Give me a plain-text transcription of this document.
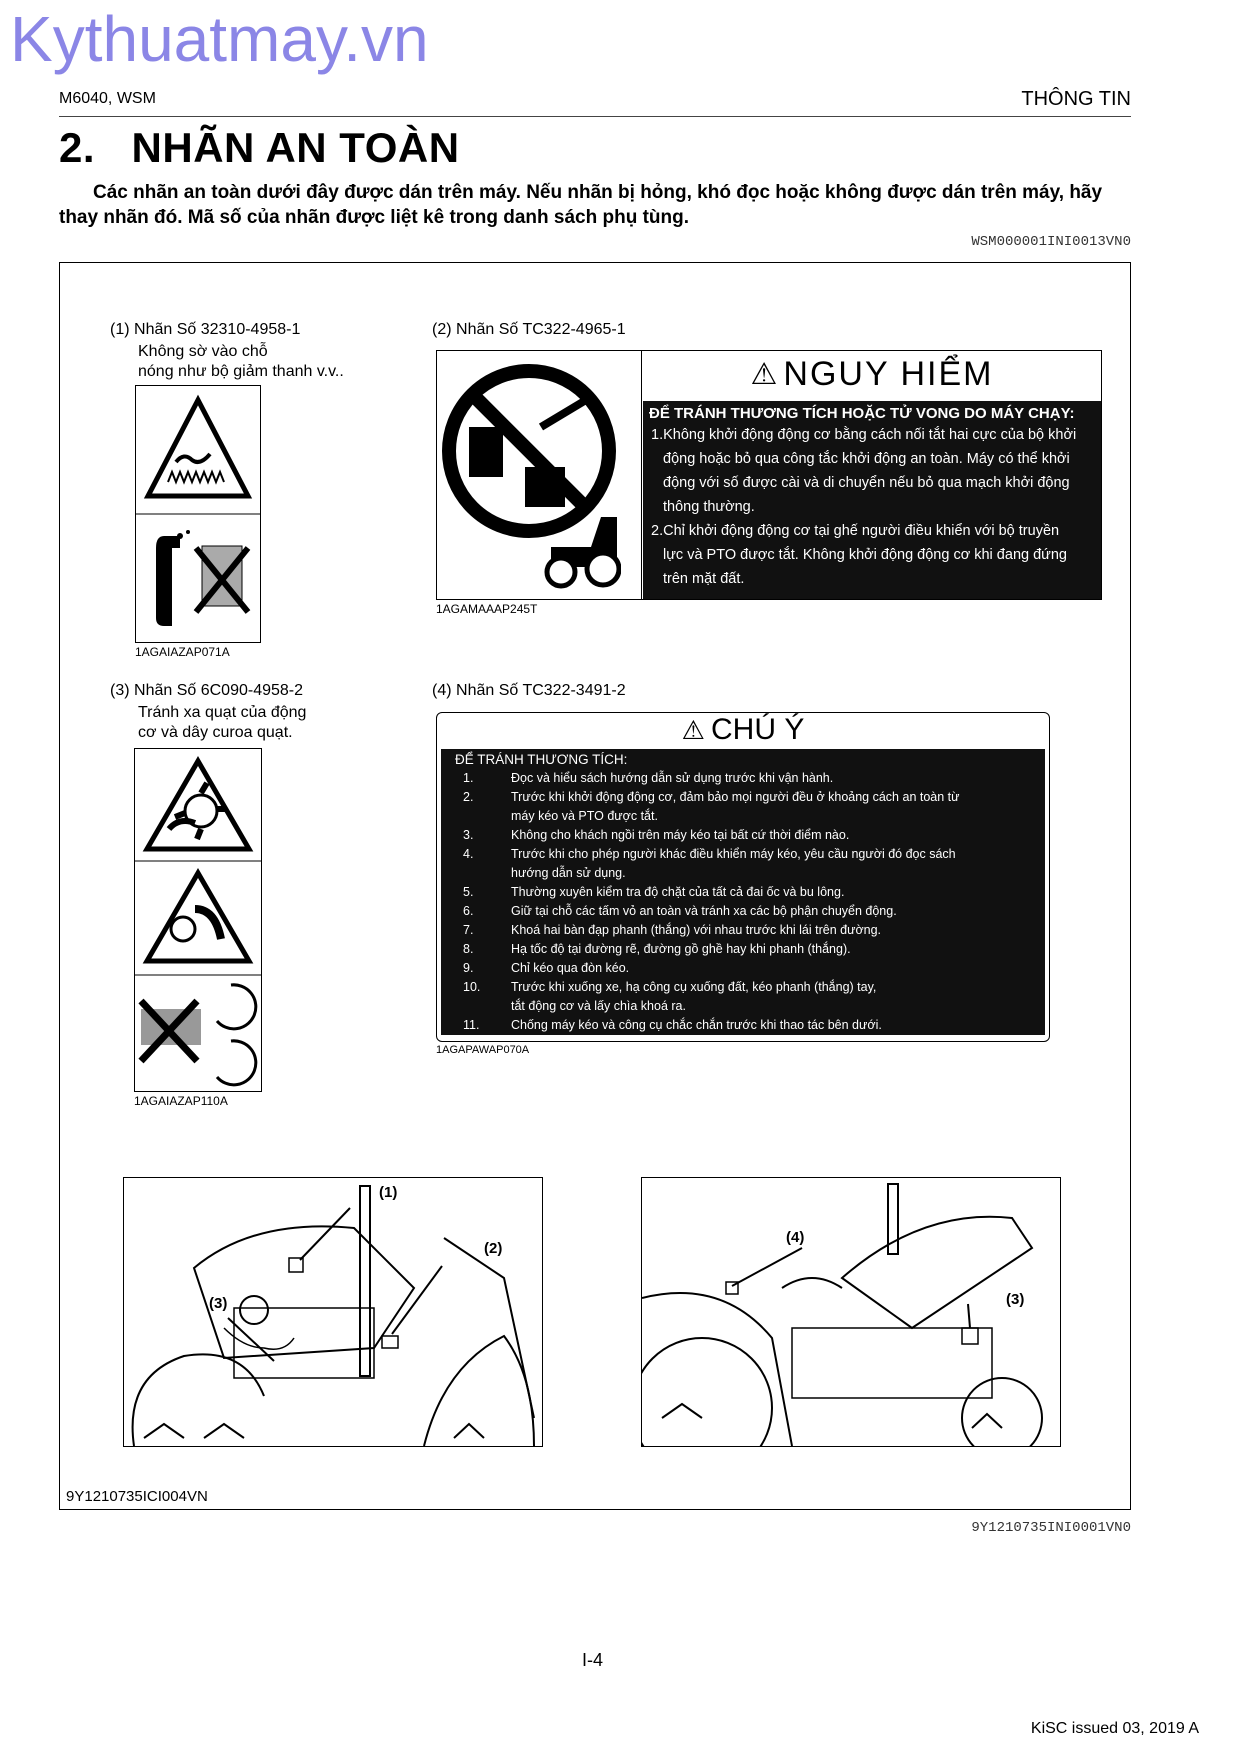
Kythuatmay.vn
M6040, WSM	THÔNG TIN
2.   NHÃN AN TOÀN
Các nhãn an toàn dưới đây được dán trên máy. Nếu nhãn bị hỏng, khó đọc hoặc không được dán trên máy, hãy thay nhãn đó. Mã số của nhãn được liệt kê trong danh sách phụ tùng.
WSM000001INI0013VN0
(1) Nhãn Số 32310-4958-1
Không sờ vào chỗ
nóng như bộ giảm thanh v.v..
1AGAIAZAP071A
(2) Nhãn Số TC322-4965-1
⚠ NGUY HIỂM
ĐỂ TRÁNH THƯƠNG TÍCH HOẶC TỬ VONG DO MÁY CHẠY:
1.Không khởi động động cơ bằng cách nối tắt hai cực của bộ khởi
động hoặc bỏ qua công tắc khởi động an toàn. Máy có thể khởi
động với số được cài và di chuyển nếu bỏ qua mạch khởi động
thông thường.
2.Chỉ khởi động động cơ tại ghế người điều khiển với bộ truyền
lực và PTO được tắt. Không khởi động động cơ khi đang đứng
trên mặt đất.
1AGAMAAAP245T
(3) Nhãn Số 6C090-4958-2
Tránh xa quạt của động
cơ và dây curoa quạt.
1AGAIAZAP110A
(4) Nhãn Số TC322-3491-2
⚠ CHÚ Ý
ĐỂ TRÁNH THƯƠNG TÍCH:
1.	Đọc và hiểu sách hướng dẫn sử dụng trước khi vận hành.
2.	Trước khi khởi động động cơ, đảm bảo mọi người đều ở khoảng cách an toàn từ
máy kéo và PTO được tắt.
3.	Không cho khách ngồi trên máy kéo tại bất cứ thời điểm nào.
4.	Trước khi cho phép người khác điều khiển máy kéo, yêu cầu người đó đọc sách
hướng dẫn sử dụng.
5.	Thường xuyên kiểm tra độ chặt của tất cả đai ốc và bu lông.
6.	Giữ tại chỗ các tấm vỏ an toàn và tránh xa các bộ phận chuyển động.
7.	Khoá hai bàn đạp phanh (thắng) với nhau trước khi lái trên đường.
8.	Hạ tốc độ tại đường rẽ, đường gồ ghề hay khi phanh (thắng).
9.	Chỉ kéo qua đòn kéo.
10.	Trước khi xuống xe, hạ công cụ xuống đất, kéo phanh (thắng) tay,
tắt động cơ và lấy chìa khoá ra.
11.	Chống máy kéo và công cụ chắc chắn trước khi thao tác bên dưới.
1AGAPAWAP070A
(1)
(2)
(3)
(4)
(3)
9Y1210735ICI004VN
9Y1210735INI0001VN0
I-4
KiSC issued 03, 2019 A
